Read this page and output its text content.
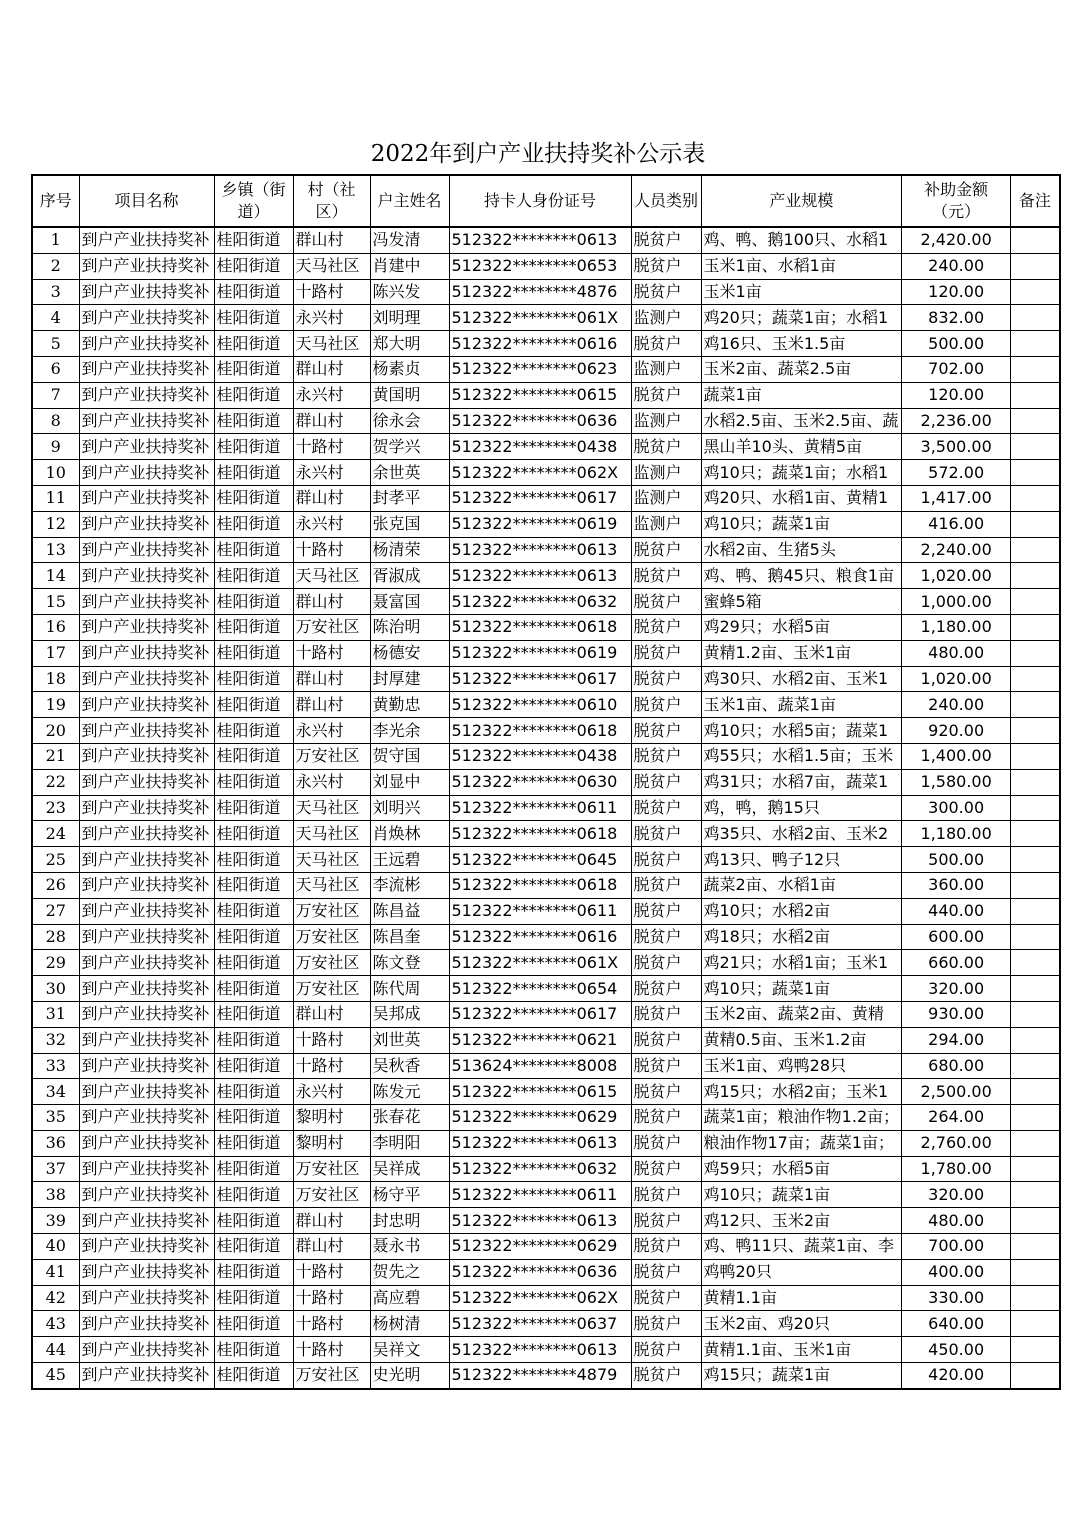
2022年到户产业扶持奖补公示表
序号	项目名称	乡镇（街道）	村（社区）	户主姓名	持卡人身份证号	人员类别	产业规模	补助金额（元）	备注
1	到户产业扶持奖补	桂阳街道	群山村	冯发清	512322********0613	脱贫户	鸡、鸭、鹅100只、水稻1	2,420.00	
2	到户产业扶持奖补	桂阳街道	天马社区	肖建中	512322********0653	脱贫户	玉米1亩、水稻1亩	240.00	
3	到户产业扶持奖补	桂阳街道	十路村	陈兴发	512322********4876	脱贫户	玉米1亩	120.00	
4	到户产业扶持奖补	桂阳街道	永兴村	刘明理	512322********061X	监测户	鸡20只；蔬菜1亩；水稻1	832.00	
5	到户产业扶持奖补	桂阳街道	天马社区	郑大明	512322********0616	脱贫户	鸡16只、玉米1.5亩	500.00	
6	到户产业扶持奖补	桂阳街道	群山村	杨素贞	512322********0623	监测户	玉米2亩、蔬菜2.5亩	702.00	
7	到户产业扶持奖补	桂阳街道	永兴村	黄国明	512322********0615	脱贫户	蔬菜1亩	120.00	
8	到户产业扶持奖补	桂阳街道	群山村	徐永会	512322********0636	监测户	水稻2.5亩、玉米2.5亩、蔬	2,236.00	
9	到户产业扶持奖补	桂阳街道	十路村	贺学兴	512322********0438	脱贫户	黑山羊10头、黄精5亩	3,500.00	
10	到户产业扶持奖补	桂阳街道	永兴村	余世英	512322********062X	监测户	鸡10只；蔬菜1亩；水稻1	572.00	
11	到户产业扶持奖补	桂阳街道	群山村	封孝平	512322********0617	监测户	鸡20只、水稻1亩、黄精1	1,417.00	
12	到户产业扶持奖补	桂阳街道	永兴村	张克国	512322********0619	监测户	鸡10只；蔬菜1亩	416.00	
13	到户产业扶持奖补	桂阳街道	十路村	杨清荣	512322********0613	脱贫户	水稻2亩、生猪5头	2,240.00	
14	到户产业扶持奖补	桂阳街道	天马社区	胥淑成	512322********0613	脱贫户	鸡、鸭、鹅45只、粮食1亩	1,020.00	
15	到户产业扶持奖补	桂阳街道	群山村	聂富国	512322********0632	脱贫户	蜜蜂5箱	1,000.00	
16	到户产业扶持奖补	桂阳街道	万安社区	陈治明	512322********0618	脱贫户	鸡29只；水稻5亩	1,180.00	
17	到户产业扶持奖补	桂阳街道	十路村	杨德安	512322********0619	脱贫户	黄精1.2亩、玉米1亩	480.00	
18	到户产业扶持奖补	桂阳街道	群山村	封厚建	512322********0617	脱贫户	鸡30只、水稻2亩、玉米1	1,020.00	
19	到户产业扶持奖补	桂阳街道	群山村	黄勤忠	512322********0610	脱贫户	玉米1亩、蔬菜1亩	240.00	
20	到户产业扶持奖补	桂阳街道	永兴村	李光余	512322********0618	脱贫户	鸡10只；水稻5亩；蔬菜1	920.00	
21	到户产业扶持奖补	桂阳街道	万安社区	贺守国	512322********0438	脱贫户	鸡55只；水稻1.5亩；玉米	1,400.00	
22	到户产业扶持奖补	桂阳街道	永兴村	刘显中	512322********0630	脱贫户	鸡31只；水稻7亩，蔬菜1	1,580.00	
23	到户产业扶持奖补	桂阳街道	天马社区	刘明兴	512322********0611	脱贫户	鸡，鸭，鹅15只	300.00	
24	到户产业扶持奖补	桂阳街道	天马社区	肖焕林	512322********0618	脱贫户	鸡35只、水稻2亩、玉米2	1,180.00	
25	到户产业扶持奖补	桂阳街道	天马社区	王远碧	512322********0645	脱贫户	鸡13只、鸭子12只	500.00	
26	到户产业扶持奖补	桂阳街道	天马社区	李流彬	512322********0618	脱贫户	蔬菜2亩、水稻1亩	360.00	
27	到户产业扶持奖补	桂阳街道	万安社区	陈昌益	512322********0611	脱贫户	鸡10只；水稻2亩	440.00	
28	到户产业扶持奖补	桂阳街道	万安社区	陈昌奎	512322********0616	脱贫户	鸡18只；水稻2亩	600.00	
29	到户产业扶持奖补	桂阳街道	万安社区	陈文登	512322********061X	脱贫户	鸡21只；水稻1亩；玉米1	660.00	
30	到户产业扶持奖补	桂阳街道	万安社区	陈代周	512322********0654	脱贫户	鸡10只；蔬菜1亩	320.00	
31	到户产业扶持奖补	桂阳街道	群山村	吴邦成	512322********0617	脱贫户	玉米2亩、蔬菜2亩、黄精	930.00	
32	到户产业扶持奖补	桂阳街道	十路村	刘世英	512322********0621	脱贫户	黄精0.5亩、玉米1.2亩	294.00	
33	到户产业扶持奖补	桂阳街道	十路村	吴秋香	513624********8008	脱贫户	玉米1亩、鸡鸭28只	680.00	
34	到户产业扶持奖补	桂阳街道	永兴村	陈发元	512322********0615	脱贫户	鸡15只；水稻2亩；玉米1	2,500.00	
35	到户产业扶持奖补	桂阳街道	黎明村	张春花	512322********0629	脱贫户	蔬菜1亩；粮油作物1.2亩；	264.00	
36	到户产业扶持奖补	桂阳街道	黎明村	李明阳	512322********0613	脱贫户	粮油作物17亩；蔬菜1亩；	2,760.00	
37	到户产业扶持奖补	桂阳街道	万安社区	吴祥成	512322********0632	脱贫户	鸡59只；水稻5亩	1,780.00	
38	到户产业扶持奖补	桂阳街道	万安社区	杨守平	512322********0611	脱贫户	鸡10只；蔬菜1亩	320.00	
39	到户产业扶持奖补	桂阳街道	群山村	封忠明	512322********0613	脱贫户	鸡12只、玉米2亩	480.00	
40	到户产业扶持奖补	桂阳街道	群山村	聂永书	512322********0629	脱贫户	鸡、鸭11只、蔬菜1亩、李	700.00	
41	到户产业扶持奖补	桂阳街道	十路村	贺先之	512322********0636	脱贫户	鸡鸭20只	400.00	
42	到户产业扶持奖补	桂阳街道	十路村	高应碧	512322********062X	脱贫户	黄精1.1亩	330.00	
43	到户产业扶持奖补	桂阳街道	十路村	杨树清	512322********0637	脱贫户	玉米2亩、鸡20只	640.00	
44	到户产业扶持奖补	桂阳街道	十路村	吴祥文	512322********0613	脱贫户	黄精1.1亩、玉米1亩	450.00	
45	到户产业扶持奖补	桂阳街道	万安社区	史光明	512322********4879	脱贫户	鸡15只；蔬菜1亩	420.00	
